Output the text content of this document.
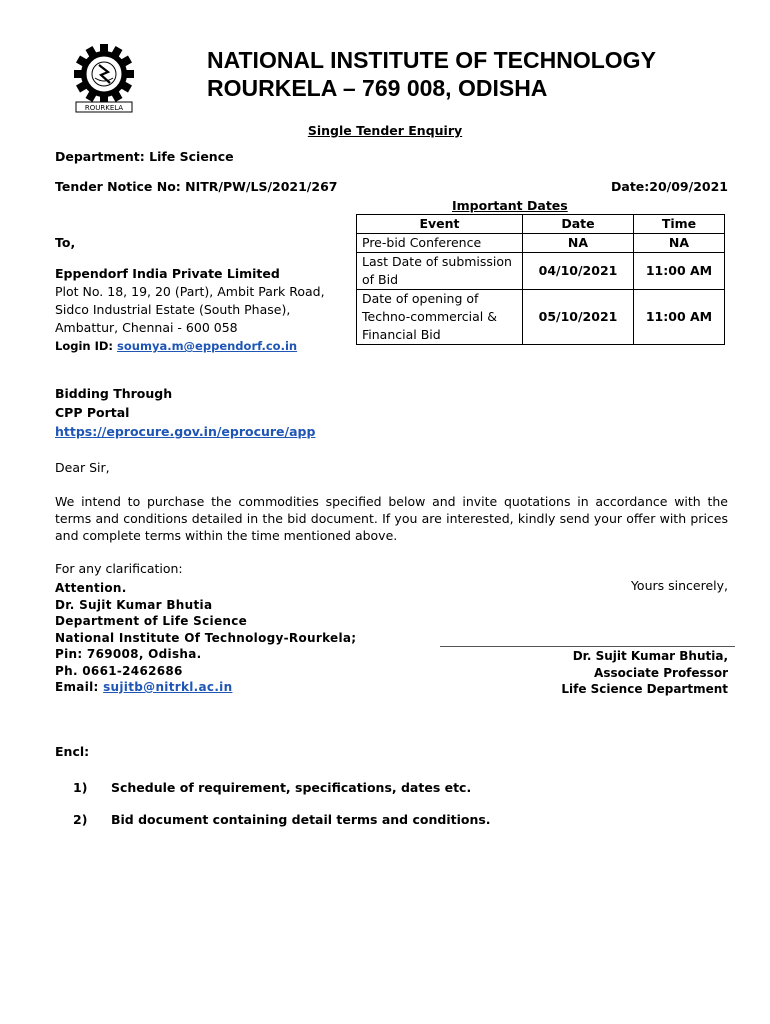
ROURKELA
NATIONAL INSTITUTE OF TECHNOLOGY
ROURKELA – 769 008, ODISHA
Single Tender Enquiry
Department: Life Science
Tender Notice No: NITR/PW/LS/2021/267	Date:20/09/2021
Important Dates
Event	Date	Time
Pre-bid Conference	NA	NA
Last Date of submission
of Bid	04/10/2021	11:00 AM
Date of opening of
Techno-commercial &
Financial Bid	05/10/2021	11:00 AM
To,
Eppendorf India Private Limited
Plot No. 18, 19, 20 (Part), Ambit Park Road,
Sidco Industrial Estate (South Phase),
Ambattur, Chennai - 600 058
Login ID: soumya.m@eppendorf.co.in
Bidding Through
CPP Portal
https://eprocure.gov.in/eprocure/app
Dear Sir,
We intend to purchase the commodities specified below and invite quotations in accordance with the terms and conditions detailed in the bid document. If you are interested, kindly send your offer with prices and complete terms within the time mentioned above.
For any clarification:
Attention.
Dr. Sujit Kumar Bhutia
Department of Life Science
National Institute Of Technology-Rourkela;
Pin: 769008, Odisha.
Ph. 0661-2462686
Email: sujitb@nitrkl.ac.in
Yours sincerely,
Dr. Sujit Kumar Bhutia,
Associate Professor
Life Science Department
Encl:
1) Schedule of requirement, specifications, dates etc.
2) Bid document containing detail terms and conditions.
